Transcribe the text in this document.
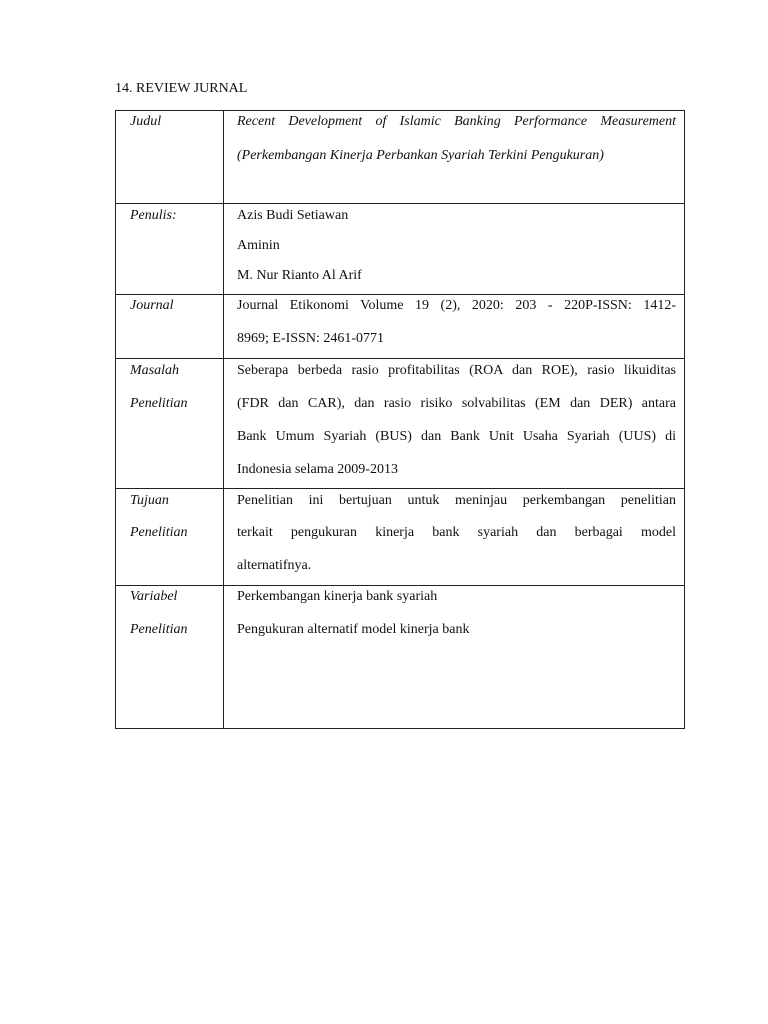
14. REVIEW JURNAL
Judul	Recent Development of Islamic Banking Performance Measurement
(Perkembangan Kinerja Perbankan Syariah Terkini Pengukuran)

Penulis:	Azis Budi Setiawan
Aminin
M. Nur Rianto Al Arif

Journal	Journal Etikonomi Volume 19 (2), 2020: 203 - 220P-ISSN: 1412-
8969; E-ISSN: 2461-0771

Masalah
Penelitian	Seberapa berbeda rasio profitabilitas (ROA dan ROE), rasio likuiditas
(FDR dan CAR), dan rasio risiko solvabilitas (EM dan DER) antara
Bank Umum Syariah (BUS) dan Bank Unit Usaha Syariah (UUS) di
Indonesia selama 2009-2013

Tujuan
Penelitian	Penelitian ini bertujuan untuk meninjau perkembangan penelitian
terkait pengukuran kinerja bank syariah dan berbagai model
alternatifnya.

Variabel
Penelitian	Perkembangan kinerja bank syariah
Pengukuran alternatif model kinerja bank
